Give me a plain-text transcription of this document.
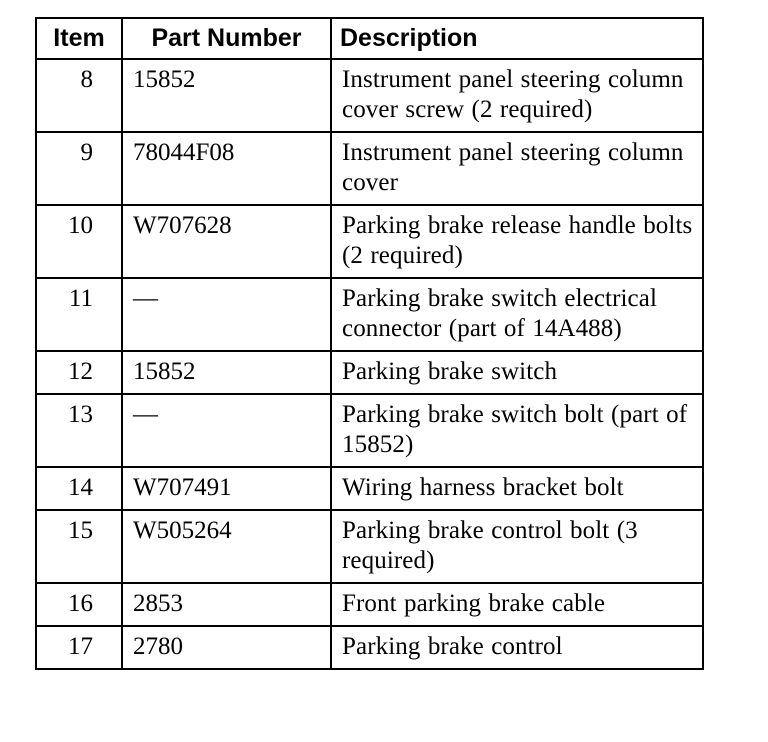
Item	Part Number	Description
8	15852	Instrument panel steering column cover screw (2 required)
9	78044F08	Instrument panel steering column cover
10	W707628	Parking brake release handle bolts (2 required)
11	—	Parking brake switch electrical connector (part of 14A488)
12	15852	Parking brake switch
13	—	Parking brake switch bolt (part of 15852)
14	W707491	Wiring harness bracket bolt
15	W505264	Parking brake control bolt (3 required)
16	2853	Front parking brake cable
17	2780	Parking brake control
